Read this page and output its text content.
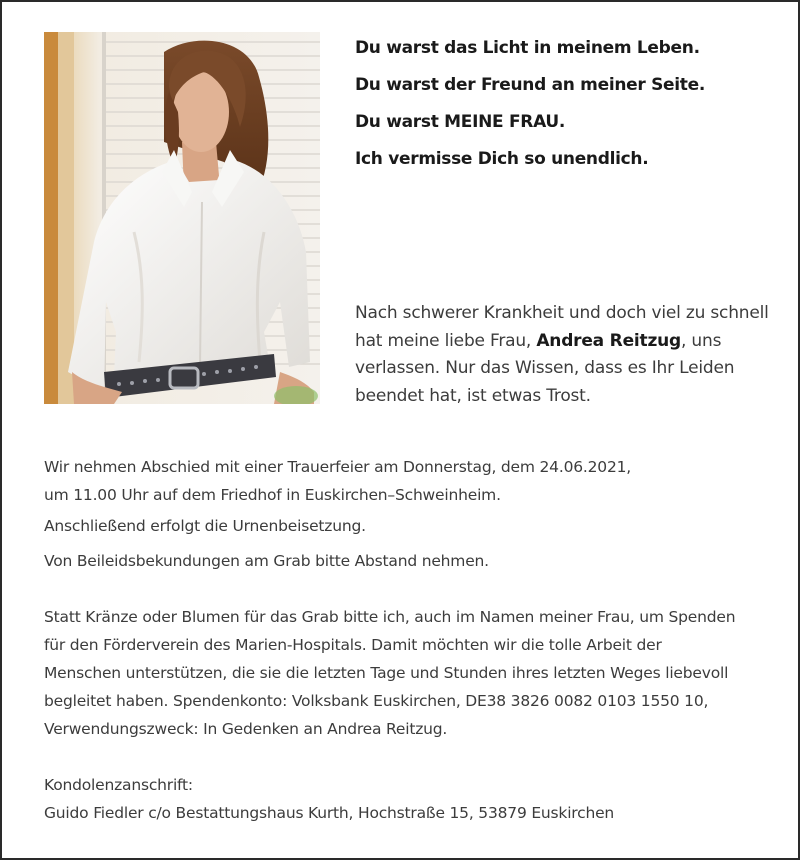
Du warst das Licht in meinem Leben.
Du warst der Freund an meiner Seite.
Du warst MEINE FRAU.
Ich vermisse Dich so unendlich.
Nach schwerer Krankheit und doch viel zu schnell hat meine liebe Frau, Andrea Reitzug, uns verlassen. Nur das Wissen, dass es Ihr Leiden beendet hat, ist etwas Trost.
Wir nehmen Abschied mit einer Trauerfeier am Donnerstag, dem 24.06.2021,
um 11.00 Uhr auf dem Friedhof in Euskirchen–Schweinheim.
Anschließend erfolgt die Urnenbeisetzung.
Von Beileidsbekundungen am Grab bitte Abstand nehmen.
Statt Kränze oder Blumen für das Grab bitte ich, auch im Namen meiner Frau, um Spenden
für den Förderverein des Marien-Hospitals. Damit möchten wir die tolle Arbeit der
Menschen unterstützen, die sie die letzten Tage und Stunden ihres letzten Weges liebevoll
begleitet haben. Spendenkonto: Volksbank Euskirchen, DE38 3826 0082 0103 1550 10,
Verwendungszweck: In Gedenken an Andrea Reitzug.
Kondolenzanschrift:
Guido Fiedler c/o Bestattungshaus Kurth, Hochstraße 15, 53879 Euskirchen
